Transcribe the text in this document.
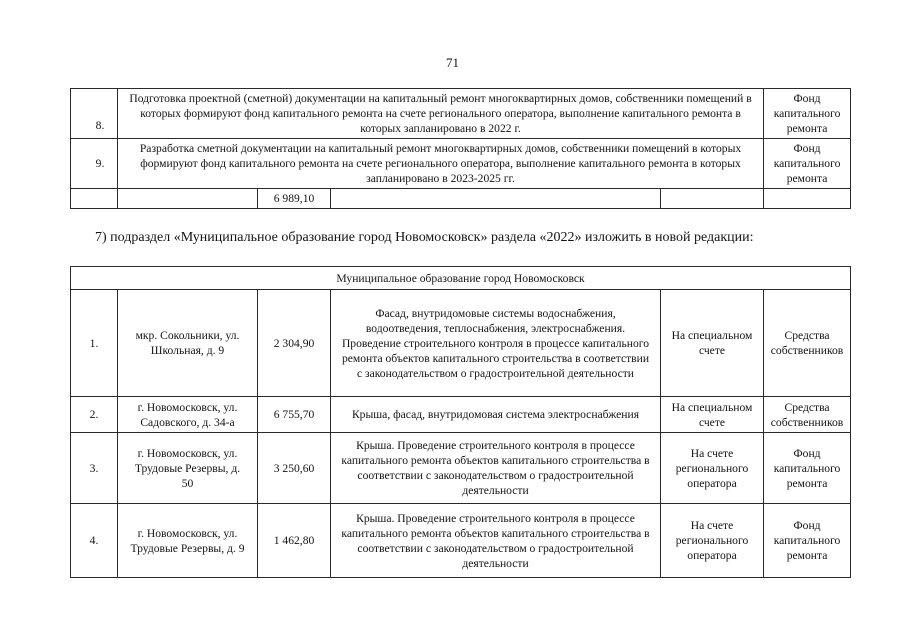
71
8.	Подготовка проектной (сметной) документации на капитальный ремонт многоквартирных домов, собственники помещений в которых формируют фонд капитального ремонта на счете регионального оператора, выполнение капитального ремонта в которых запланировано в 2022 г.				Фонд капитального ремонта
9.	Разработка сметной документации на капитальный ремонт многоквартирных домов, собственники помещений в которых формируют фонд капитального ремонта на счете регионального оператора, выполнение капитального ремонта в которых запланировано в 2023-2025 гг.				Фонд капитального ремонта
		6 989,10			
7) подраздел «Муниципальное образование город Новомосковск» раздела «2022» изложить в новой редакции:
Муниципальное образование город Новомосковск					
1.	мкр. Сокольники, ул. Школьная, д. 9	2 304,90	Фасад, внутридомовые системы водоснабжения, водоотведения, теплоснабжения, электроснабжения. Проведение строительного контроля в процессе капитального ремонта объектов капитального строительства в соответствии с законодательством о градостроительной деятельности	На специальном счете	Средства собственников
2.	г. Новомосковск, ул. Садовского, д. 34-а	6 755,70	Крыша, фасад, внутридомовая система электроснабжения	На специальном счете	Средства собственников
3.	г. Новомосковск, ул. Трудовые Резервы, д. 50	3 250,60	Крыша. Проведение строительного контроля в процессе капитального ремонта объектов капитального строительства в соответствии с законодательством о градостроительной деятельности	На счете регионального оператора	Фонд капитального ремонта
4.	г. Новомосковск, ул. Трудовые Резервы, д. 9	1 462,80	Крыша. Проведение строительного контроля в процессе капитального ремонта объектов капитального строительства в соответствии с законодательством о градостроительной деятельности	На счете регионального оператора	Фонд капитального ремонта
